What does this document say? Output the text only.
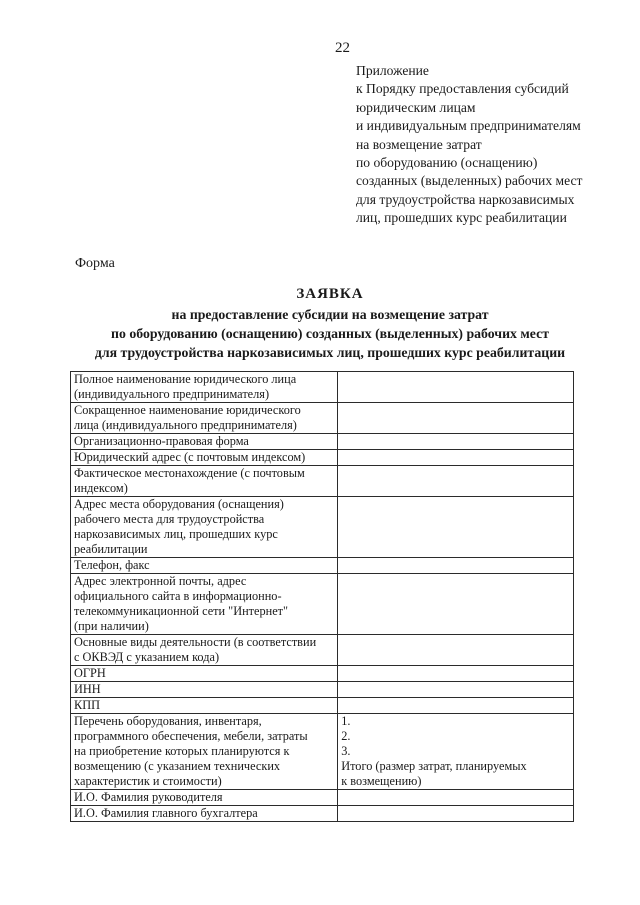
22
Приложение
к Порядку предоставления субсидий
юридическим лицам
и индивидуальным предпринимателям
на возмещение затрат
по оборудованию (оснащению)
созданных (выделенных) рабочих мест
для трудоустройства наркозависимых
лиц, прошедших курс реабилитации
Форма
ЗАЯВКА
на предоставление субсидии на возмещение затрат
по оборудованию (оснащению) созданных (выделенных) рабочих мест
для трудоустройства наркозависимых лиц, прошедших курс реабилитации
Полное наименование юридического лица
(индивидуального предпринимателя)	

Сокращенное наименование юридического
лица (индивидуального предпринимателя)	

Организационно-правовая форма	

Юридический адрес (с почтовым индексом)	

Фактическое местонахождение (с почтовым
индексом)	

Адрес места оборудования (оснащения)
рабочего места для трудоустройства
наркозависимых лиц, прошедших курс
реабилитации	

Телефон, факс	

Адрес электронной почты, адрес
официального сайта в информационно-
телекоммуникационной сети "Интернет"
(при наличии)	

Основные виды деятельности (в соответствии
с ОКВЭД с указанием кода)	

ОГРН	

ИНН	

КПП	

Перечень оборудования, инвентаря,
программного обеспечения, мебели, затраты
на приобретение которых планируются к
возмещению (с указанием технических
характеристик и стоимости)	1.
2.
3.
Итого (размер затрат, планируемых
к возмещению)

И.О. Фамилия руководителя	

И.О. Фамилия главного бухгалтера	
